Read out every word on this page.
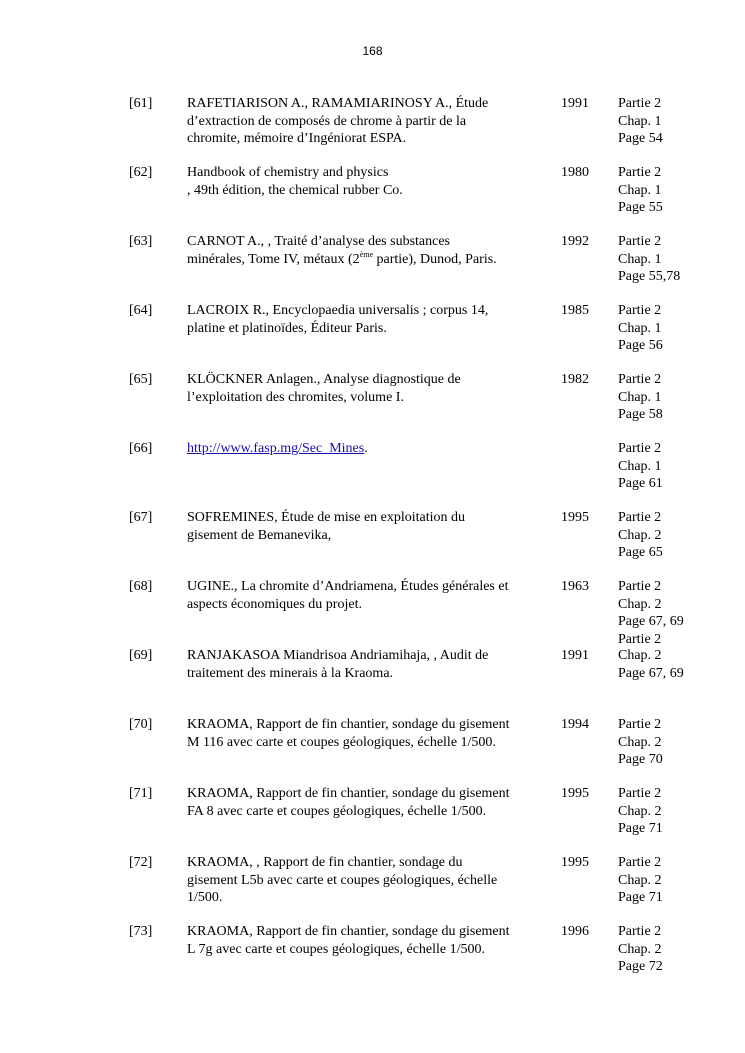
168
[61] RAFETIARISON A., RAMAMIARINOSY A., Étude
d’extraction de composés de chrome à partir de la
chromite, mémoire d’Ingéniorat ESPA.
1991 Partie 2
Chap. 1
Page 54
[62] Handbook of chemistry and physics
, 49th édition, the chemical rubber Co.
1980 Partie 2
Chap. 1
Page 55
[63] CARNOT A., , Traité d’analyse des substances
minérales, Tome IV, métaux (2ème partie), Dunod, Paris.
1992 Partie 2
Chap. 1
Page 55,78
[64] LACROIX R., Encyclopaedia universalis ; corpus 14,
platine et platinoïdes, Éditeur Paris.
1985 Partie 2
Chap. 1
Page 56
[65] KLÖCKNER Anlagen., Analyse diagnostique de
l’exploitation des chromites, volume I.
1982 Partie 2
Chap. 1
Page 58
[66] http://www.fasp.mg/Sec_Mines.	Partie 2
Chap. 1
Page 61
[67] SOFREMINES, Étude de mise en exploitation du
gisement de Bemanevika,
1995 Partie 2
Chap. 2
Page 65
[68] UGINE., La chromite d’Andriamena, Études générales et
aspects économiques du projet.
1963 Partie 2
Chap. 2
Page 67, 69
Partie 2
[69] RANJAKASOA Miandrisoa Andriamihaja, , Audit de
traitement des minerais à la Kraoma.
1991 Chap. 2
Page 67, 69
[70] KRAOMA, Rapport de fin chantier, sondage du gisement
M 116 avec carte et coupes géologiques, échelle 1/500.
1994 Partie 2
Chap. 2
Page 70
[71] KRAOMA, Rapport de fin chantier, sondage du gisement
FA 8 avec carte et coupes géologiques, échelle 1/500.
1995 Partie 2
Chap. 2
Page 71
[72] KRAOMA, , Rapport de fin chantier, sondage du
gisement L5b avec carte et coupes géologiques, échelle
1/500.
1995 Partie 2
Chap. 2
Page 71
[73] KRAOMA, Rapport de fin chantier, sondage du gisement
L 7g avec carte et coupes géologiques, échelle 1/500.
1996 Partie 2
Chap. 2
Page 72
